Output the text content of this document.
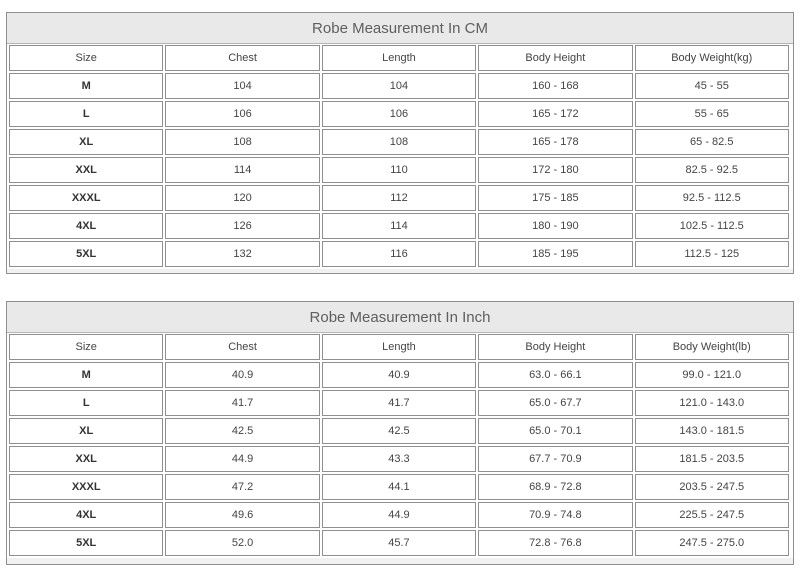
Robe Measurement In CM
Size	Chest	Length	Body Height	Body Weight(kg)
M	104	104	160 - 168	45 - 55
L	106	106	165 - 172	55 - 65
XL	108	108	165 - 178	65 - 82.5
XXL	114	110	172 - 180	82.5 - 92.5
XXXL	120	112	175 - 185	92.5 - 112.5
4XL	126	114	180 - 190	102.5 - 112.5
5XL	132	116	185 - 195	112.5 - 125
Robe Measurement In Inch
Size	Chest	Length	Body Height	Body Weight(lb)
M	40.9	40.9	63.0 - 66.1	99.0 - 121.0
L	41.7	41.7	65.0 - 67.7	121.0 - 143.0
XL	42.5	42.5	65.0 - 70.1	143.0 - 181.5
XXL	44.9	43.3	67.7 - 70.9	181.5 - 203.5
XXXL	47.2	44.1	68.9 - 72.8	203.5 - 247.5
4XL	49.6	44.9	70.9 - 74.8	225.5 - 247.5
5XL	52.0	45.7	72.8 - 76.8	247.5 - 275.0
